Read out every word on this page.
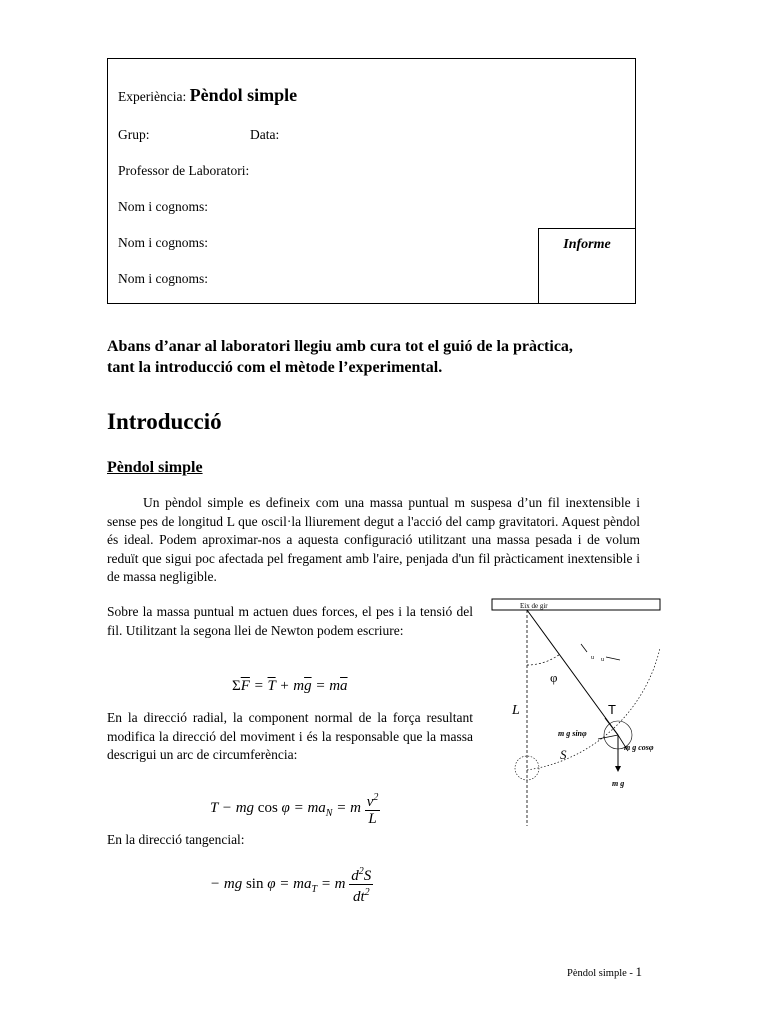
Experiència: Pèndol simple
Grup:	Data:
Professor de Laboratori:
Nom i cognoms:
Nom i cognoms:
Nom i cognoms:
Informe
Abans d’anar al laboratori llegiu amb cura tot el guió de la pràctica,
tant la introducció com el mètode l’experimental.
Introducció
Pèndol simple
Un pèndol simple es defineix com una massa puntual m suspesa d’un fil inextensible i sense pes de longitud L que oscil·la lliurement degut a l'acció del camp gravitatori. Aquest pèndol és ideal. Podem aproximar-nos a aquesta configuració utilitzant una massa pesada i de volum reduït que sigui poc afectada pel fregament amb l'aire, penjada d'un fil pràcticament inextensible i de massa negligible.
Sobre la massa puntual m actuen dues forces, el pes i la tensió del fil. Utilitzant la segona llei de Newton podem escriure:
$\Sigma\overline{F} = \overline{T} + m\overline{g} = m\overline{a}$
En la direcció radial, la component normal de la força resultant modifica la direcció del moviment i és la responsable que la massa descrigui un arc de circumferència:
T − mg $\cos \varphi = ma_N = m \frac{v^2}{L}$
En la direcció tangencial:
− mg $\sin \varphi = ma_T = m \frac{d^2S}{dt^2}$
Eix de gir
u u
φ
L	T
S
m g sinφ
m g cosφ
m g
Pèndol simple - 1
